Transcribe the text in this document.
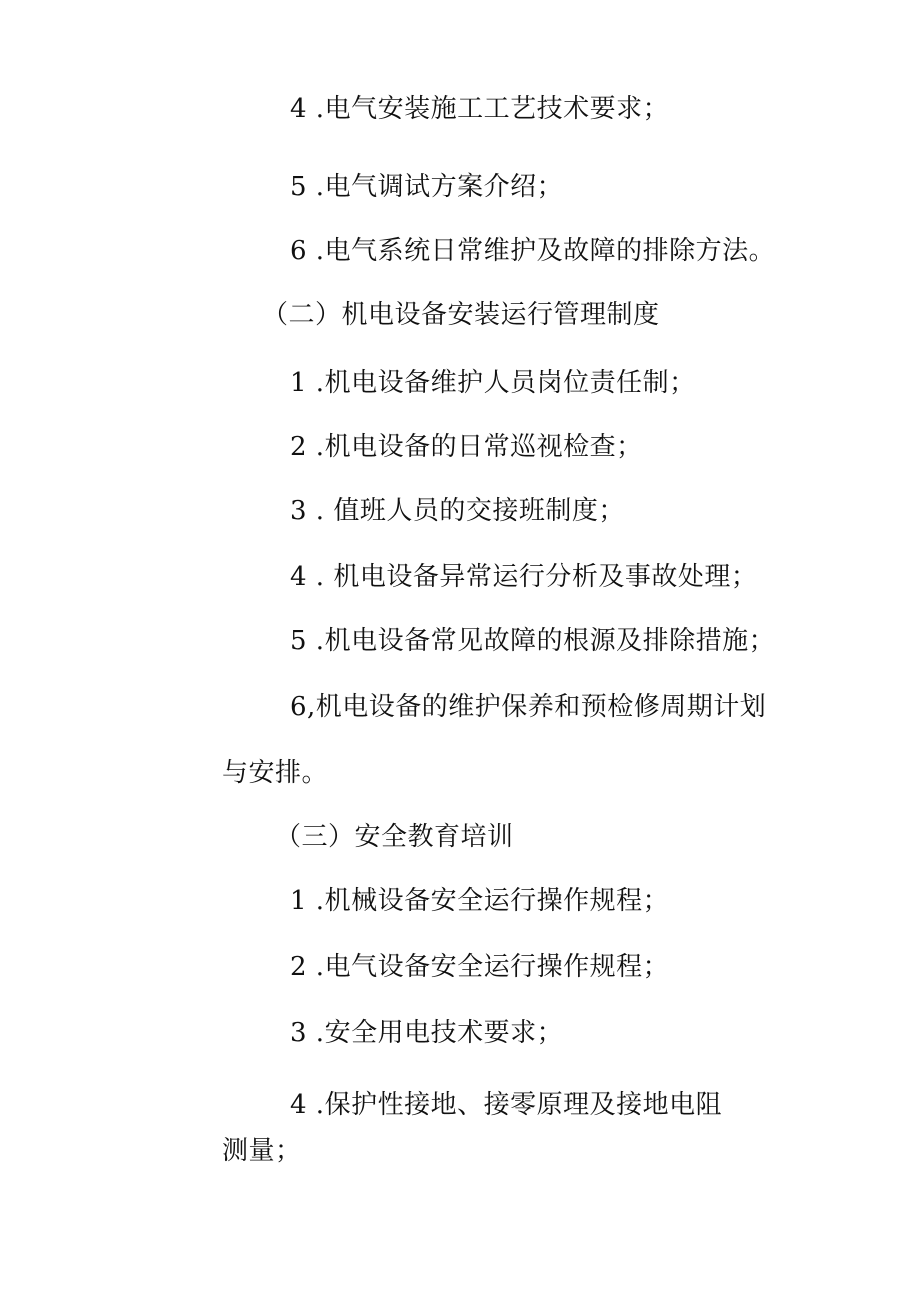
4 .电气安装施工工艺技术要求；
5 .电气调试方案介绍；
6 .电气系统日常维护及故障的排除方法。
（二）机电设备安装运行管理制度
1 .机电设备维护人员岗位责任制；
2 .机电设备的日常巡视检查；
3 . 值班人员的交接班制度；
4 . 机电设备异常运行分析及事故处理；
5 .机电设备常见故障的根源及排除措施；
6,机电设备的维护保养和预检修周期计划
与安排。
（三）安全教育培训
1 .机械设备安全运行操作规程；
2 .电气设备安全运行操作规程；
3 .安全用电技术要求；
4 .保护性接地、接零原理及接地电阻
测量；
